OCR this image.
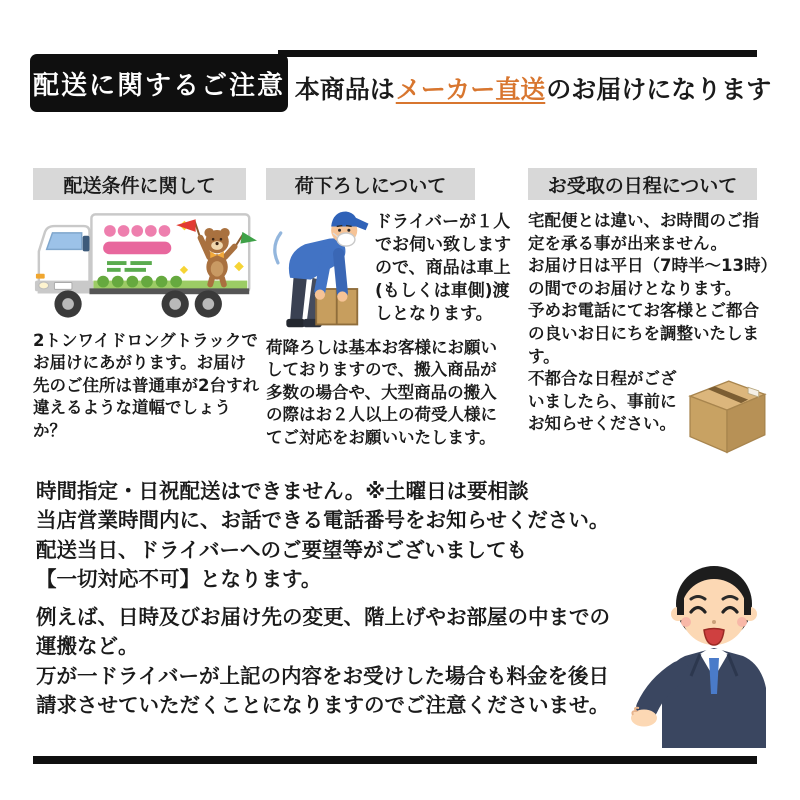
配送に関するご注意 本商品は メーカー直送 のお届けになります
配送条件に関して

2トンワイドロングトラックでお届けにあがります。お届け先のご住所は普通車が2台すれ違えるような道幅でしょうか？

荷下ろしについて

ドライバーが１人でお伺い致しますので、商品は車上(もしくは車側)渡しとなります。

荷降ろしは基本お客様にお願いしておりますので、搬入商品が多数の場合や、大型商品の搬入の際はお２人以上の荷受人様にてご対応をお願いいたします。

お受取の日程について

宅配便とは違い、お時間のご指定を承る事が出来ません。

お届け日は平日（7時半～13時）の間でのお届けとなります。

予めお電話にてお客様とご都合の良いお日にちを調整いたします。

不都合な日程がございましたら、事前にお知らせください。

時間指定・日祝配送はできません。※土曜日は要相談
当店営業時間内に、お話できる電話番号をお知らせください。
配送当日、ドライバーへのご要望等がございましても
【一切対応不可】となります。
例えば、日時及びお届け先の変更、階上げやお部屋の中までの運搬など。
万が一ドライバーが上記の内容をお受けした場合も料金を後日請求させていただくことになりますのでご注意くださいませ。
